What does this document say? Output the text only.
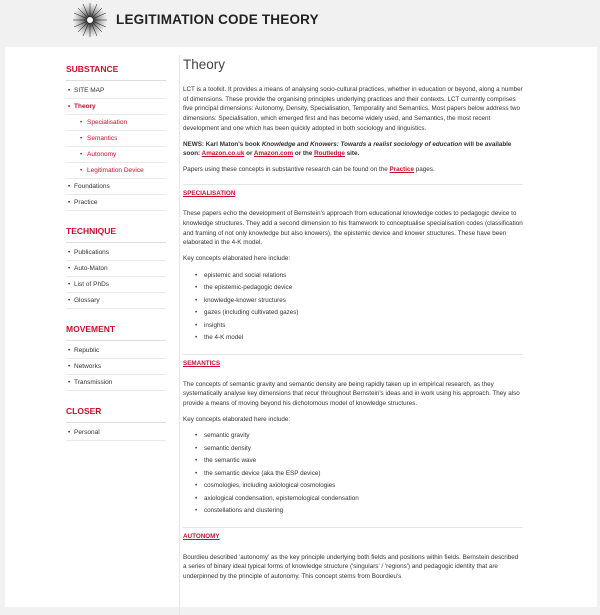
LEGITIMATION CODE THEORY
SUBSTANCE
• SITE MAP
• Theory
• Specialisation
• Semantics
• Autonomy
• Legitimation Device
• Foundations
• Practice
TECHNIQUE
• Publications
• Auto-Maton
• List of PhDs
• Glossary
MOVEMENT
• Republic
• Networks
• Transmission
CLOSER
• Personal
Theory

LCT is a toolkit. It provides a means of analysing socio-cultural practices, whether in education or beyond, along a number of dimensions. These provide the organising principles underlying practices and their contexts. LCT currently comprises five principal dimensions: Autonomy, Density, Specialisation, Temporality and Semantics. Most papers below address two dimensions: Specialisation, which emerged first and has become widely used, and Semantics, the most recent development and one which has been quickly adopted in both sociology and linguistics.

NEWS: Karl Maton's book Knowledge and Knowers: Towards a realist sociology of education will be available soon: Amazon.co.uk or Amazon.com or the Routledge site.

Papers using these concepts in substantive research can be found on the Practice pages.

SPECIALISATION

These papers echo the development of Bernstein's approach from educational knowledge codes to pedagogic device to knowledge structures. They add a second dimension to his framework to conceptualise specialisation codes (classification and framing of not only knowledge but also knowers), the epistemic device and knower structures. These have been elaborated in the 4-K model.

Key concepts elaborated here include:

• epistemic and social relations
• the epistemic-pedagogic device
• knowledge-knower structures
• gazes (including cultivated gazes)
• insights
• the 4-K model
SEMANTICS

The concepts of semantic gravity and semantic density are being rapidly taken up in empirical research, as they systematically analyse key dimensions that recur throughout Bernstein's ideas and in work using his approach. They also provide a means of moving beyond his dichotomous model of knowledge structures.

Key concepts elaborated here include:

• semantic gravity
• semantic density
• the semantic wave
• the semantic device (aka the ESP device)
• cosmologies, including axiological cosmologies
• axiological condensation, epistemological condensation
• constellations and clustering
AUTONOMY

Bourdieu described 'autonomy' as the key principle underlying both fields and positions within fields. Bernstein described a series of binary ideal typical forms of knowledge structure ('singulars' / 'regions') and pedagogic identity that are underpinned by the principle of autonomy. This concept stems from Bourdieu's
